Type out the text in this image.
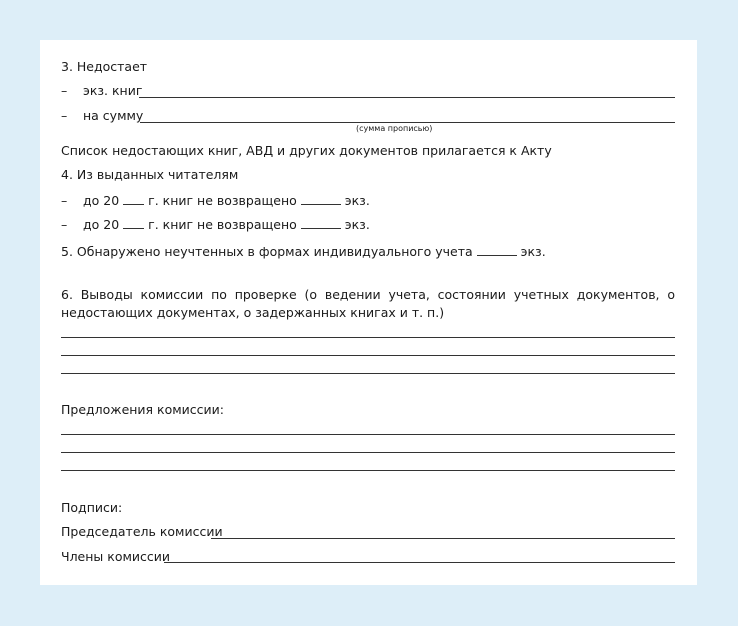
3. Недостает
– экз. книг
– на сумму
(сумма прописью)
Список недостающих книг, АВД и других документов прилагается к Акту
4. Из выданных читателям
– до 20 г. книг не возвращено	экз.
– до 20 г. книг не возвращено	экз.
5. Обнаружено неучтенных в формах индивидуального учета	экз.
6. Выводы комиссии по проверке (о ведении учета, состоянии учетных документов, о недостающих документах, о задержанных книгах и т. п.)
Предложения комиссии:
Подписи:
Председатель комиссии
Члены комиссии
